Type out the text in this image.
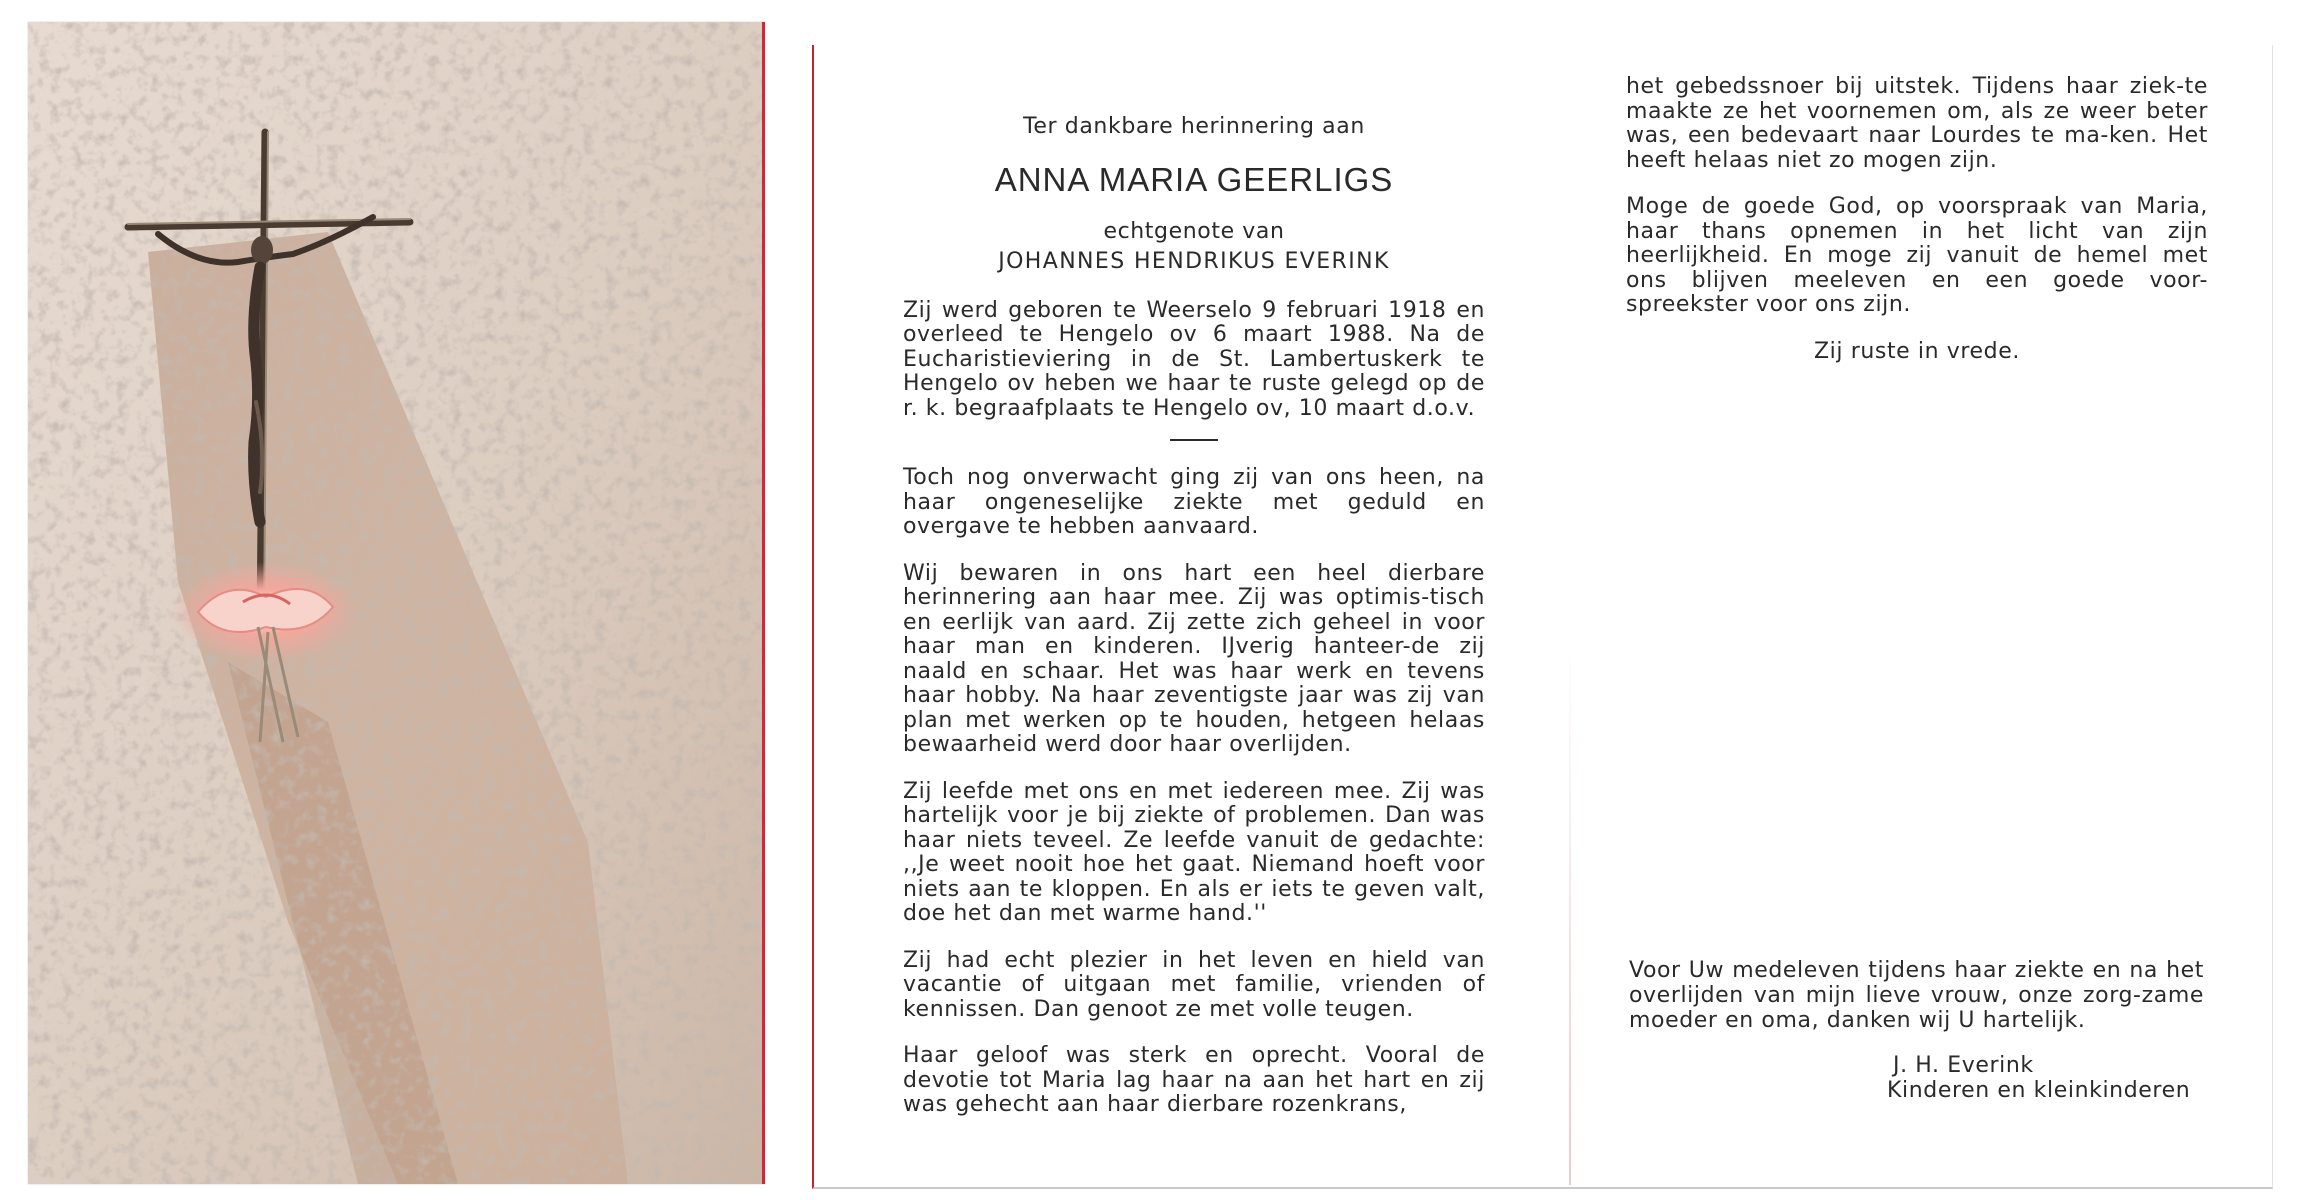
Ter dankbare herinnering aan

ANNA MARIA GEERLIGS

echtgenote van

JOHANNES HENDRIKUS EVERINK

Zij werd geboren te Weerselo 9 februari 1918 en overleed te Hengelo ov 6 maart 1988. Na de Eucharistieviering in de St. Lambertuskerk te Hengelo ov heben we haar te ruste gelegd op de r. k. begraafplaats te Hengelo ov, 10 maart d.o.v.

Toch nog onverwacht ging zij van ons heen, na haar ongeneselijke ziekte met geduld en overgave te hebben aanvaard.

Wij bewaren in ons hart een heel dierbare herinnering aan haar mee. Zij was optimis-tisch en eerlijk van aard. Zij zette zich geheel in voor haar man en kinderen. IJverig hanteer-de zij naald en schaar. Het was haar werk en tevens haar hobby. Na haar zeventigste jaar was zij van plan met werken op te houden, hetgeen helaas bewaarheid werd door haar overlijden.

Zij leefde met ons en met iedereen mee. Zij was hartelijk voor je bij ziekte of problemen. Dan was haar niets teveel. Ze leefde vanuit de gedachte: ,,Je weet nooit hoe het gaat. Niemand hoeft voor niets aan te kloppen. En als er iets te geven valt, doe het dan met warme hand.''

Zij had echt plezier in het leven en hield van vacantie of uitgaan met familie, vrienden of kennissen. Dan genoot ze met volle teugen.

Haar geloof was sterk en oprecht. Vooral de devotie tot Maria lag haar na aan het hart en zij was gehecht aan haar dierbare rozenkrans,

het gebedssnoer bij uitstek. Tijdens haar ziek-te maakte ze het voornemen om, als ze weer beter was, een bedevaart naar Lourdes te ma-ken. Het heeft helaas niet zo mogen zijn.

Moge de goede God, op voorspraak van Maria, haar thans opnemen in het licht van zijn heerlijkheid. En moge zij vanuit de hemel met ons blijven meeleven en een goede voor-spreekster voor ons zijn.

Zij ruste in vrede.

Voor Uw medeleven tijdens haar ziekte en na het overlijden van mijn lieve vrouw, onze zorg-zame moeder en oma, danken wij U hartelijk.

J. H. Everink

Kinderen en kleinkinderen
